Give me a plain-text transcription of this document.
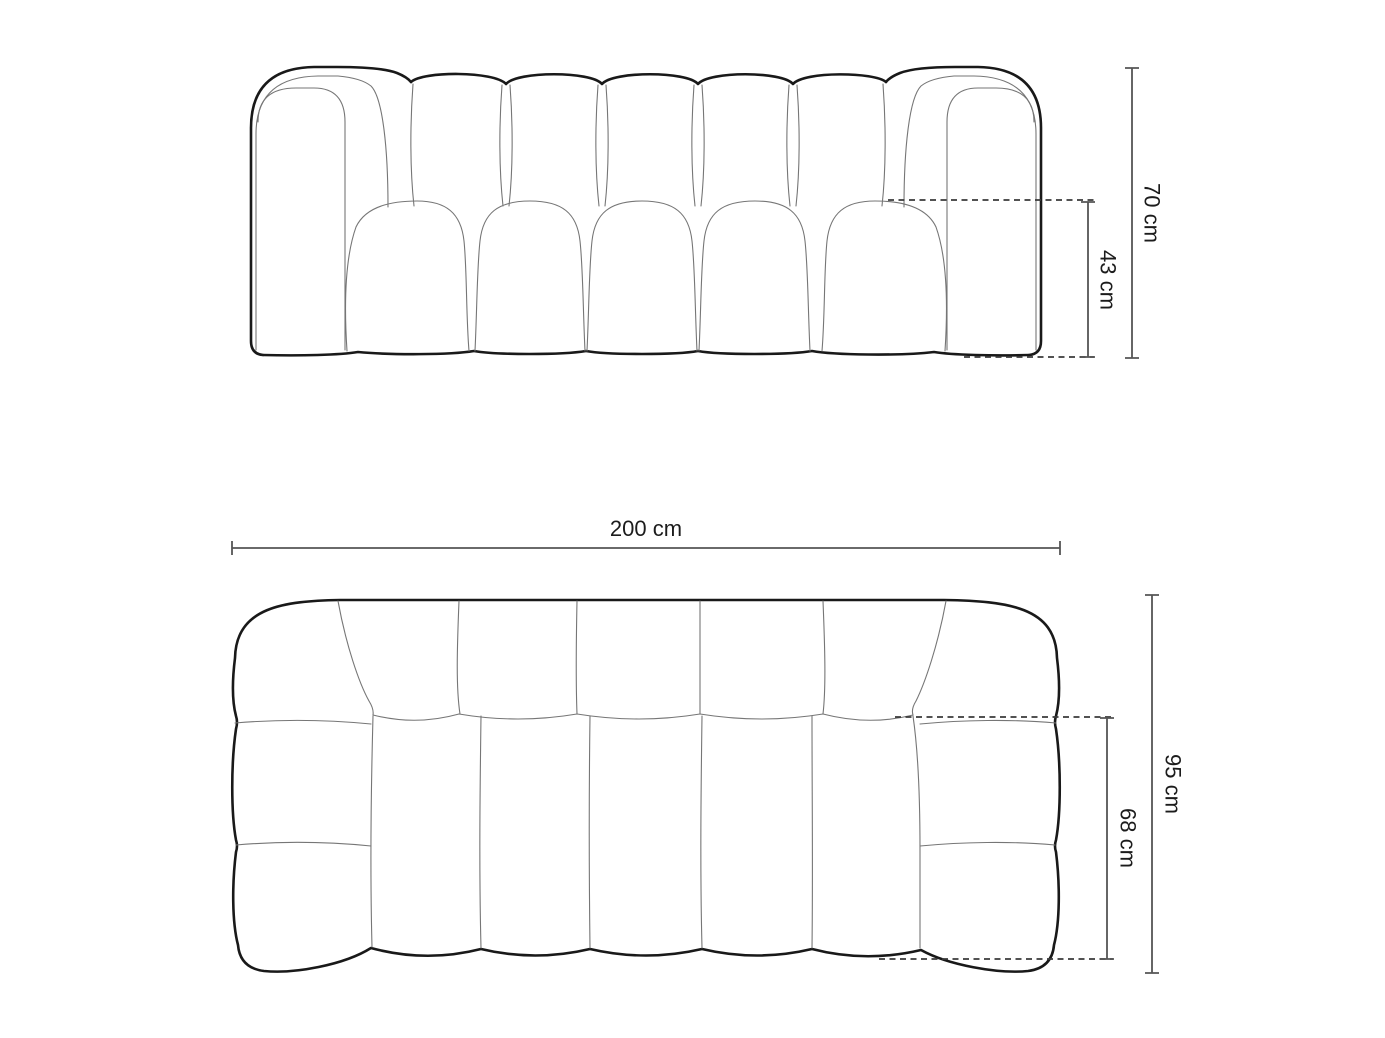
70 cm
43 cm
200 cm
95 cm
68 cm
